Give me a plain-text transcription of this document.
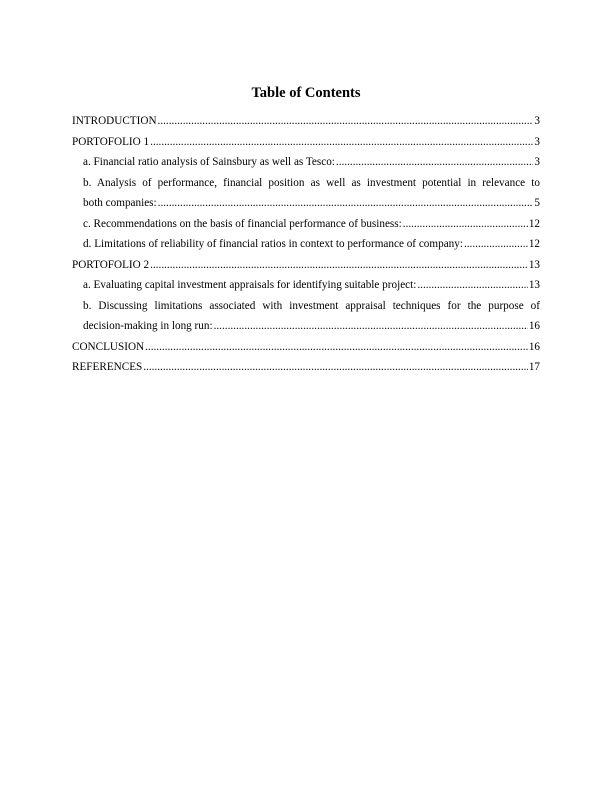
Table of Contents
INTRODUCTION .....	3
PORTOFOLIO 1 .....	3
a. Financial ratio analysis of Sainsbury as well as Tesco: .....	3
b. Analysis of performance, financial position as well as investment potential in relevance to
both companies: .....	5
c. Recommendations on the basis of financial performance of business: .....	12
d. Limitations of reliability of financial ratios in context to performance of company: .....	12
PORTOFOLIO 2 .....	13
a. Evaluating capital investment appraisals for identifying suitable project: .....	13
b. Discussing limitations associated with investment appraisal techniques for the purpose of
decision-making in long run: .....	16
CONCLUSION .....	16
REFERENCES .....	17
